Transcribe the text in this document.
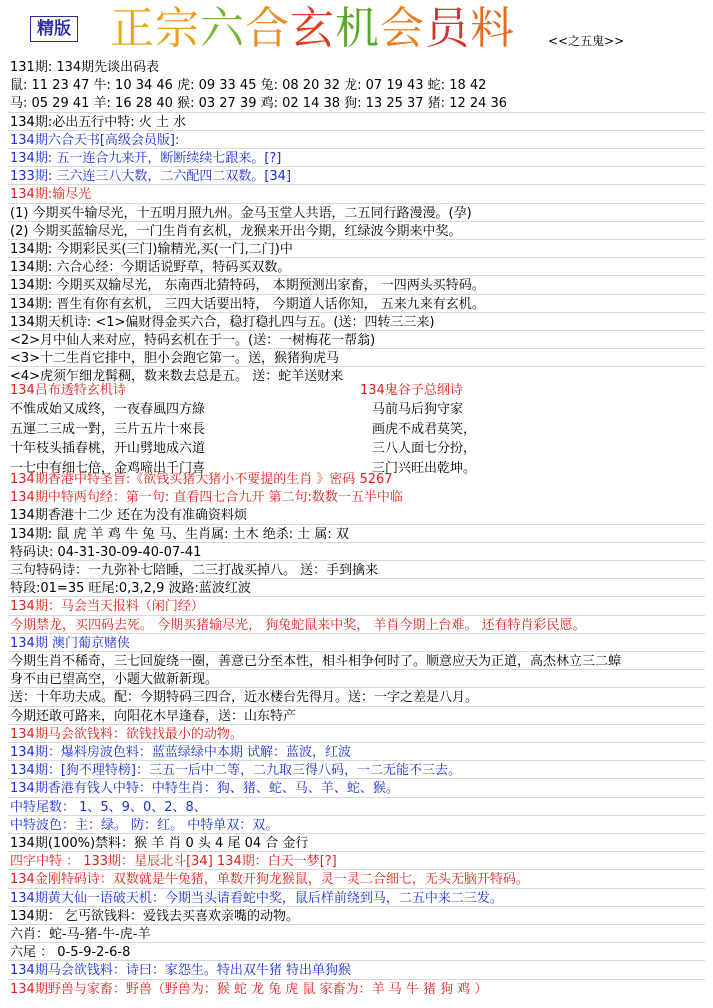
精版 正宗六合玄机会员料	<<之五鬼>>
131期: 134期先谈出码表
鼠: 11 23 47 牛: 10 34 46 虎: 09 33 45 兔: 08 20 32 龙: 07 19 43 蛇: 18 42
马: 05 29 41 羊: 16 28 40 猴: 03 27 39 鸡: 02 14 38 狗: 13 25 37 猪: 12 24 36
134期:必出五行中特: 火 土 水
134期六合天书[高级会员版]:
134期: 五一连合九来开，断断续续七跟来。[?]
133期: 三六连三八大数，二六配四二双数。[34]
134期:输尽光
(1) 今期买牛输尽光，十五明月照九州。金马玉堂人共语，二五同行路漫漫。(孕)
(2) 今期买蓝输尽光，一门生肖有玄机，龙猴来开出今期，红绿波今期来中奖。
134期: 今期彩民买(三门)输精光,买(一门,二门)中
134期: 六合心经：今期话说野草，特码买双数。
134期: 今期买双输尽光， 东南西北猜特码， 本期预测出家畜， 一四两头买特码。
134期: 晋生有你有玄机， 三四大话要出特， 今期道人话你知， 五来九来有玄机。
134期天机诗: <1>偏财得金买六合，稳打稳扎四与五。(送：四转三三来)
<2>月中仙人来对应，特码玄机在于一。(送：一树梅花一帮翁)
<3>十二生肖它排中，胆小会跑它第一。送，猴猪狗虎马
<4>虎须乍细龙髯稠，数来数去总是五。 送：蛇羊送财来
134吕布透特玄机诗	134鬼谷子总纲诗
不惟成始又成终，一夜春風四方綠
五運二三成一對，三片五片十來長
十年枝头插春桃，开山劈地成六道
一七中有细七倍，金鸡啼出千门喜
马前马后狗守家
画虎不成君莫笑，
三八人面七分扮，
三门兴旺出乾坤。
134期香港中特圣旨:《欲钱买猪大猪小不要提的生肖 》密码 5267
134期中特两句经：第一句: 直看四七合九开 第二句:数数一五半中临
134期香港十二少 还在为没有准确资料烦
134期: 鼠 虎 羊 鸡 牛 兔 马、生肖属: 土木 绝杀: 土 属: 双
特码诀: 04-31-30-09-40-07-41
三句特码诗：一九弥补七陪睡，二三打战买掉八。 送：手到擒来
特段:01=35 旺尾:0,3,2,9 波路:蓝波红波
134期：马会当天报料（闲门经）
今期禁龙，买四码去死。 今期买猪输尽光， 狗兔蛇鼠来中奖， 羊肖今期上台难。 还有特肖彩民愿。
134期 澳门葡京赌侠
今期生肖不稀奇，三七回旋绕一圈，善意已分至本性，相斗相争何时了。顺意应天为正道，高杰林立三二蟑
身不由已望高空，小题大做新新现。
送：十年功夫成。配：今期特码三四合，近水楼台先得月。送：一字之差是八月。
今期还敢可路来，向阳花木早逢春，送：山东特产
134期马会欲钱料：欲钱找最小的动物。
134期：爆料房波色料：蓝蓝绿绿中本期 试解：蓝波，红波
134期：[狗不理特榜]：三五一后中二等，二九取三得八码，一二无能不三去。
134期香港有钱人中特：中特生肖：狗、猪、蛇、马、羊、蛇、猴。
中特尾数： 1、5、9、0、2、8、
中特波色：主：绿。 防：红。 中特单双：双。
134期(100%)禁料：猴 羊 肖 0 头 4 尾 04 合 金行
四字中特 ： 133期：星辰北斗[34] 134期：白天一梦[?]
134金刚特码诗：双数就是牛兔猪，单数开狗龙猴鼠，灵一灵二合细七，无头无脑开特码。
134期黄大仙一语破天机：今期当头请看蛇中奖，鼠后样前绕到马，二五中来二三发。
134期： 乞丐欲钱料：爱钱去买喜欢亲嘴的动物。
六肖：蛇-马-猪-牛-虎-羊
六尾 ： 0-5-9-2-6-8
134期马会欲钱料：诗曰：家怨生。特出双牛猪 特出单狗猴
134期野兽与家畜：野兽（野兽为：猴 蛇 龙 兔 虎 鼠 家畜为：羊 马 牛 猪 狗 鸡 ）
